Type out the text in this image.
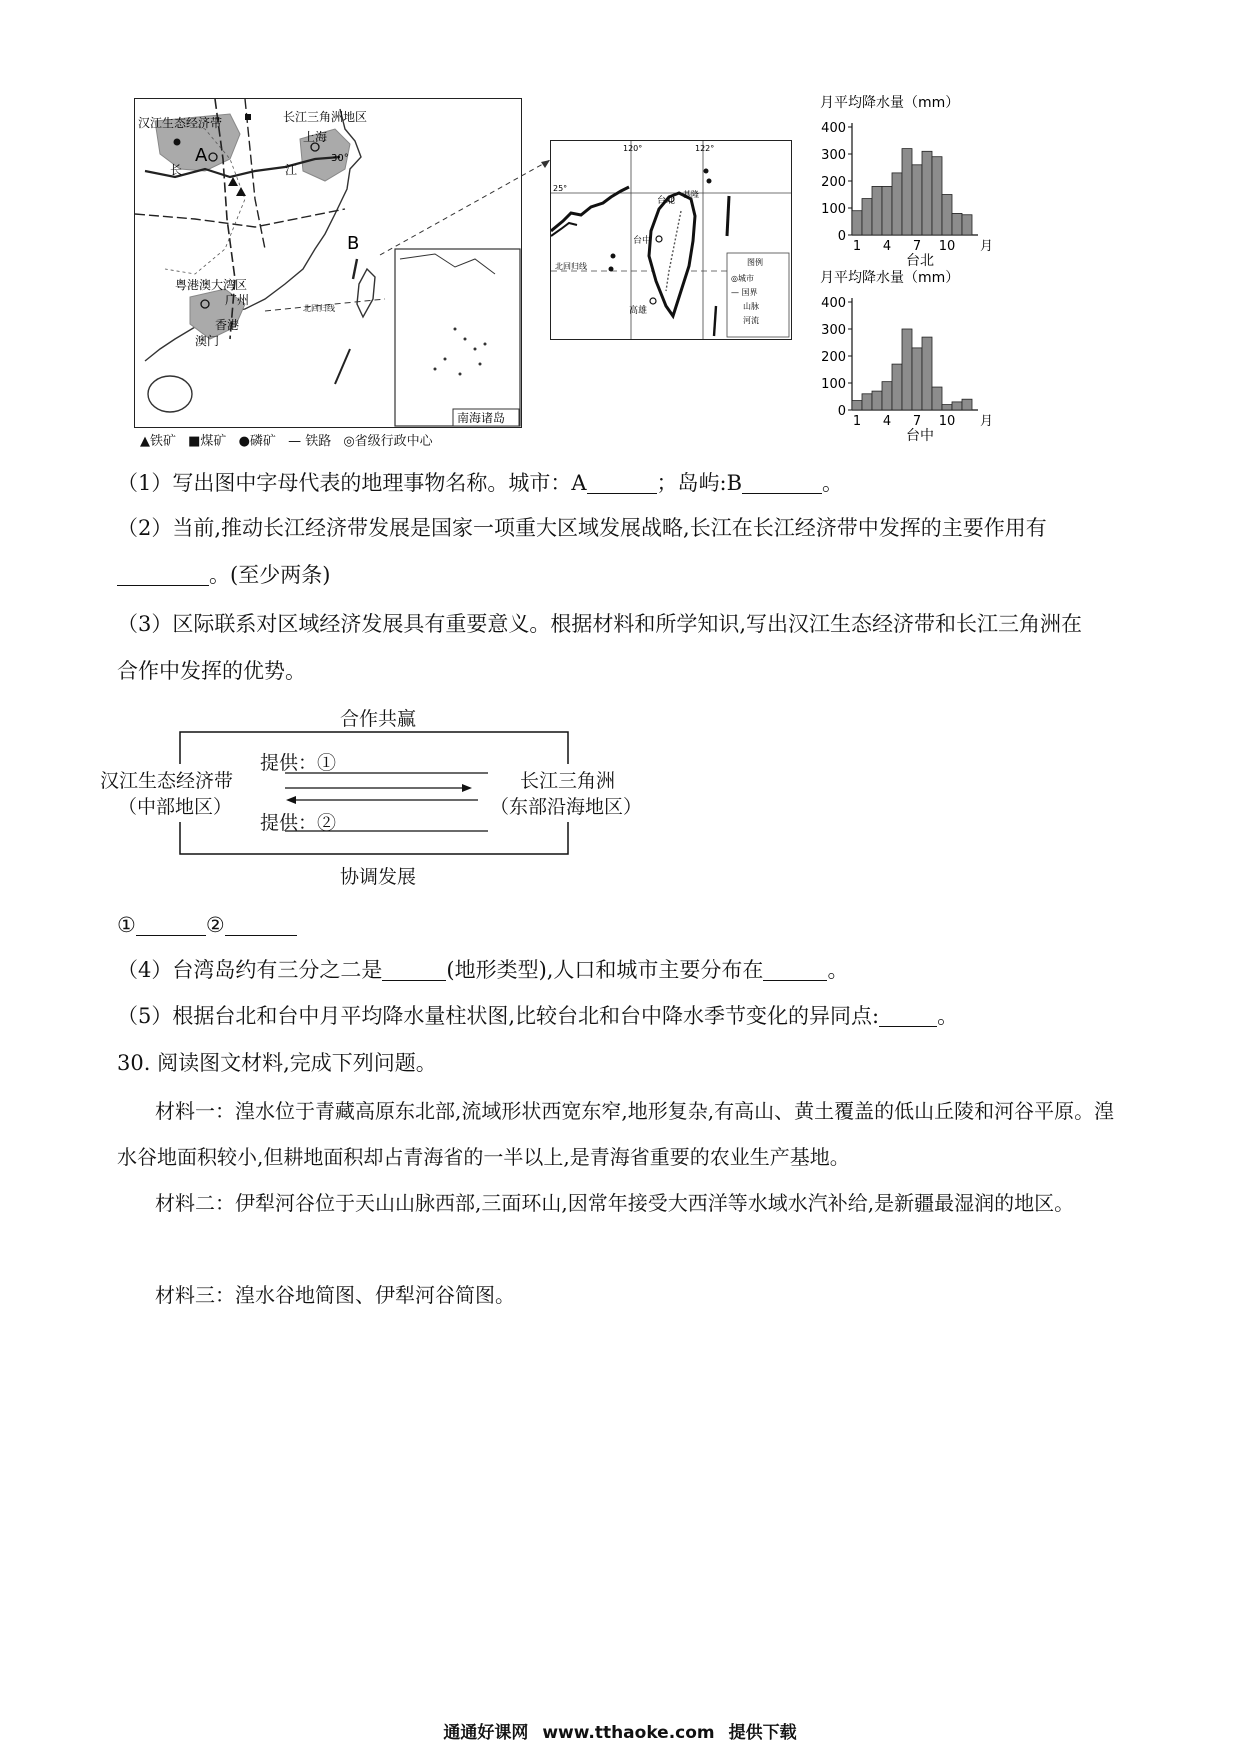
汉江生态经济带	长江三角洲地区
上海
30°
A
B
长	江
粤港澳大湾区
广州
香港
澳门
北回归线
南海诸岛
▲铁矿 ■煤矿 ●磷矿 — 铁路 ◎省级行政中心
120°	122°
25°
台北
基隆
台中
高雄
北回归线	图例
◎城市
— 国界
山脉
河流
月平均降水量（mm）
0
100
200
300
400
1 4 7 10 月
台北
月平均降水量（mm）
0
100
200
300
400
1 4 7 10 月
台中
（1）写出图中字母代表的地理事物名称。城市：A	；岛屿:B	。
（2）当前,推动长江经济带发展是国家一项重大区域发展战略,长江在长江经济带中发挥的主要作用有
。(至少两条)
（3）区际联系对区域经济发展具有重要意义。根据材料和所学知识,写出汉江生态经济带和长江三角洲在
合作中发挥的优势。
合作共赢
协调发展
汉江生态经济带
（中部地区）
长江三角洲
（东部沿海地区）
提供：①
提供：②
①	②
（4）台湾岛约有三分之二是	(地形类型),人口和城市主要分布在	。
（5）根据台北和台中月平均降水量柱状图,比较台北和台中降水季节变化的异同点:	。
30. 阅读图文材料,完成下列问题。
材料一：湟水位于青藏高原东北部,流域形状西宽东窄,地形复杂,有高山、黄土覆盖的低山丘陵和河谷平原。湟水谷地面积较小,但耕地面积却占青海省的一半以上,是青海省重要的农业生产基地。
材料二：伊犁河谷位于天山山脉西部,三面环山,因常年接受大西洋等水域水汽补给,是新疆最湿润的地区。
材料三：湟水谷地简图、伊犁河谷简图。
通通好课网 www.tthaoke.com 提供下载
